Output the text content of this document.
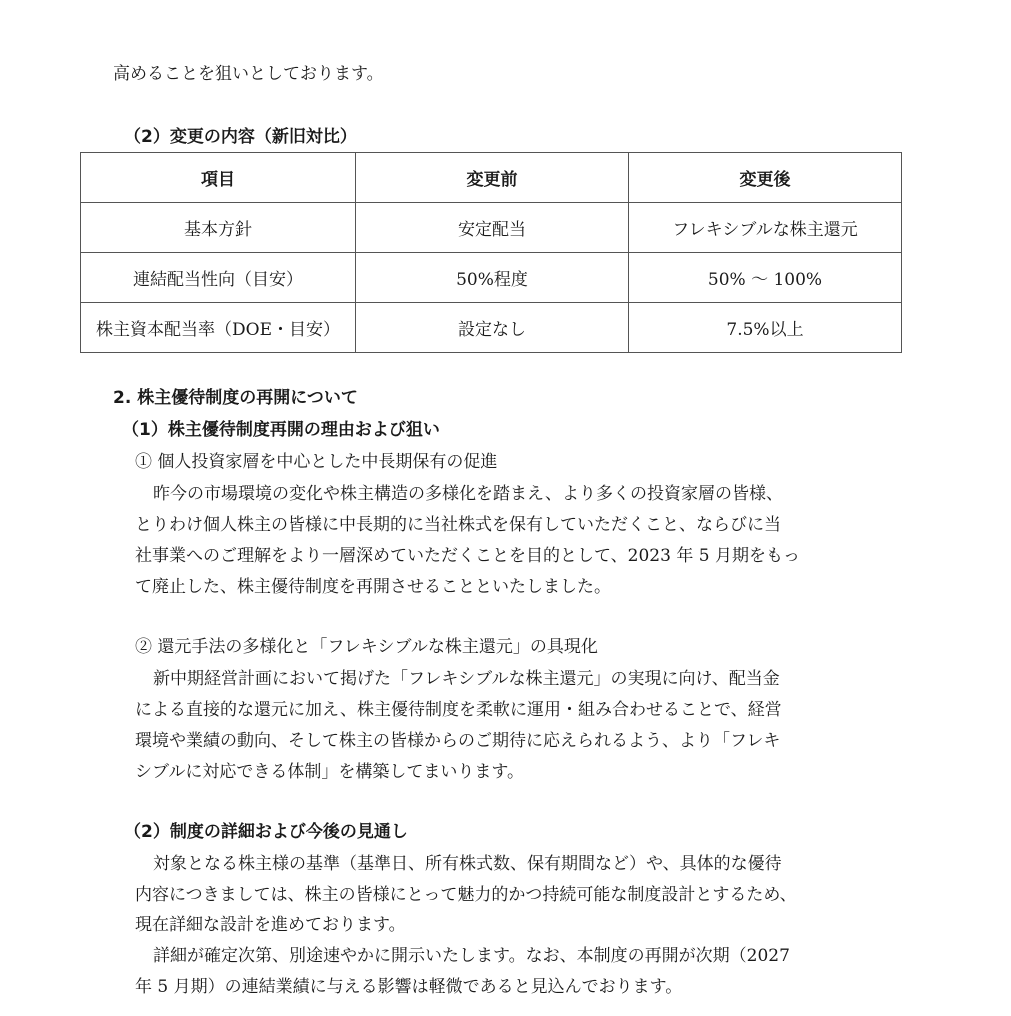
高めることを狙いとしております。
（2）変更の内容（新旧対比）
項目	変更前	変更後
基本方針	安定配当	フレキシブルな株主還元
連結配当性向（目安）	50%程度	50% ～ 100%
株主資本配当率（DOE・目安）	設定なし	7.5%以上
2. 株主優待制度の再開について
（1）株主優待制度再開の理由および狙い
① 個人投資家層を中心とした中長期保有の促進
昨今の市場環境の変化や株主構造の多様化を踏まえ、より多くの投資家層の皆様、
とりわけ個人株主の皆様に中長期的に当社株式を保有していただくこと、ならびに当
社事業へのご理解をより一層深めていただくことを目的として、2023 年 5 月期をもっ
て廃止した、株主優待制度を再開させることといたしました。
② 還元手法の多様化と「フレキシブルな株主還元」の具現化
新中期経営計画において掲げた「フレキシブルな株主還元」の実現に向け、配当金
による直接的な還元に加え、株主優待制度を柔軟に運用・組み合わせることで、経営
環境や業績の動向、そして株主の皆様からのご期待に応えられるよう、より「フレキ
シブルに対応できる体制」を構築してまいります。
（2）制度の詳細および今後の見通し
対象となる株主様の基準（基準日、所有株式数、保有期間など）や、具体的な優待
内容につきましては、株主の皆様にとって魅力的かつ持続可能な制度設計とするため、
現在詳細な設計を進めております。
詳細が確定次第、別途速やかに開示いたします。なお、本制度の再開が次期（2027
年 5 月期）の連結業績に与える影響は軽微であると見込んでおります。
